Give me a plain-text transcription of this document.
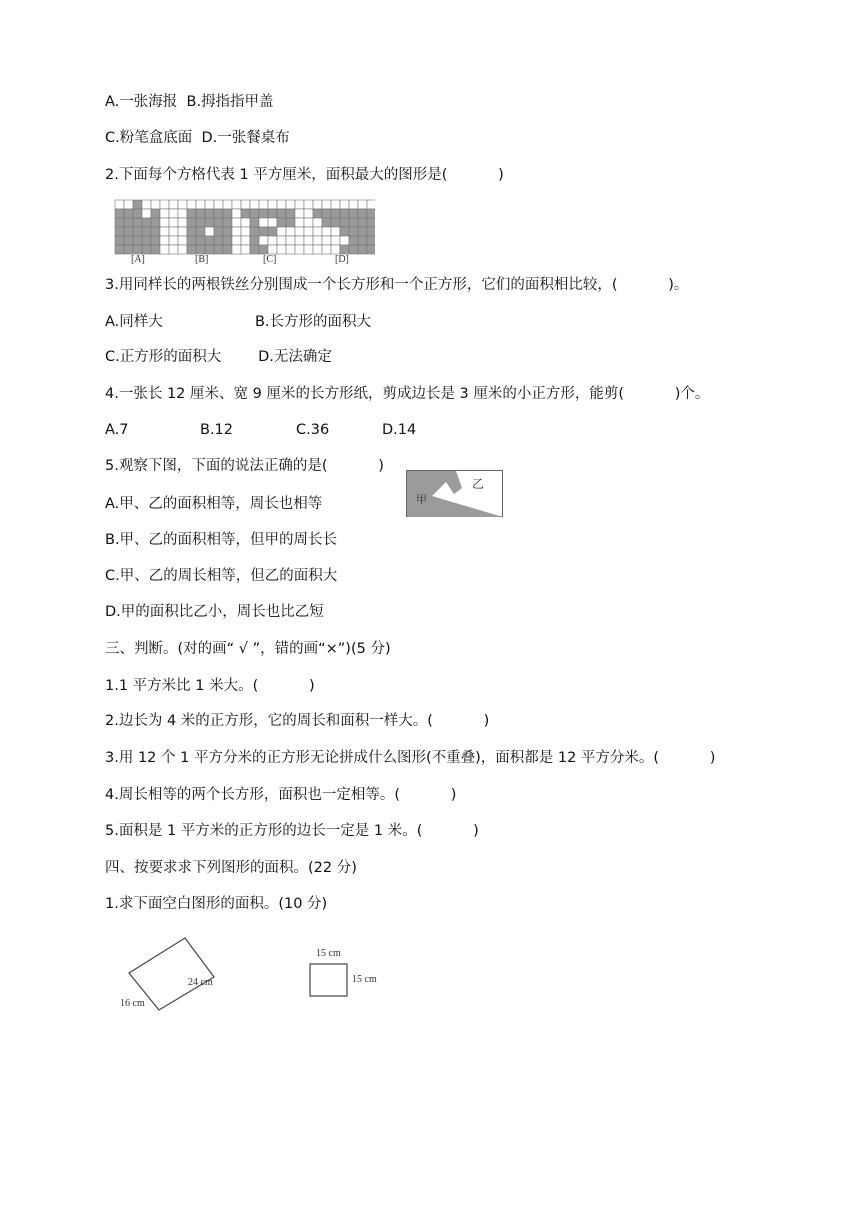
A.一张海报  B.拇指指甲盖
C.粉笔盒底面  D.一张餐桌布
2.下面每个方格代表 1 平方厘米，面积最大的图形是(           )
[A]	[B]	[C]	[D]
3.用同样长的两根铁丝分别围成一个长方形和一个正方形，它们的面积相比较，(           )。
A.同样大                    B.长方形的面积大
C.正方形的面积大        D.无法确定
4.一张长 12 厘米、宽 9 厘米的长方形纸，剪成边长是 3 厘米的小正方形，能剪(           )个。
A.7	B.12	C.36	D.14
5.观察下图，下面的说法正确的是(           )
甲
乙
A.甲、乙的面积相等，周长也相等
B.甲、乙的面积相等，但甲的周长长
C.甲、乙的周长相等，但乙的面积大
D.甲的面积比乙小，周长也比乙短
三、判断。(对的画“ √ ”，错的画“×”)(5 分)
1.1 平方米比 1 米大。(           )
2.边长为 4 米的正方形，它的周长和面积一样大。(           )
3.用 12 个 1 平方分米的正方形无论拼成什么图形(不重叠)，面积都是 12 平方分米。(           )
4.周长相等的两个长方形，面积也一定相等。(           )
5.面积是 1 平方米的正方形的边长一定是 1 米。(           )
四、按要求求下列图形的面积。(22 分)
1.求下面空白图形的面积。(10 分)
24 cm
16 cm
15 cm
15 cm
